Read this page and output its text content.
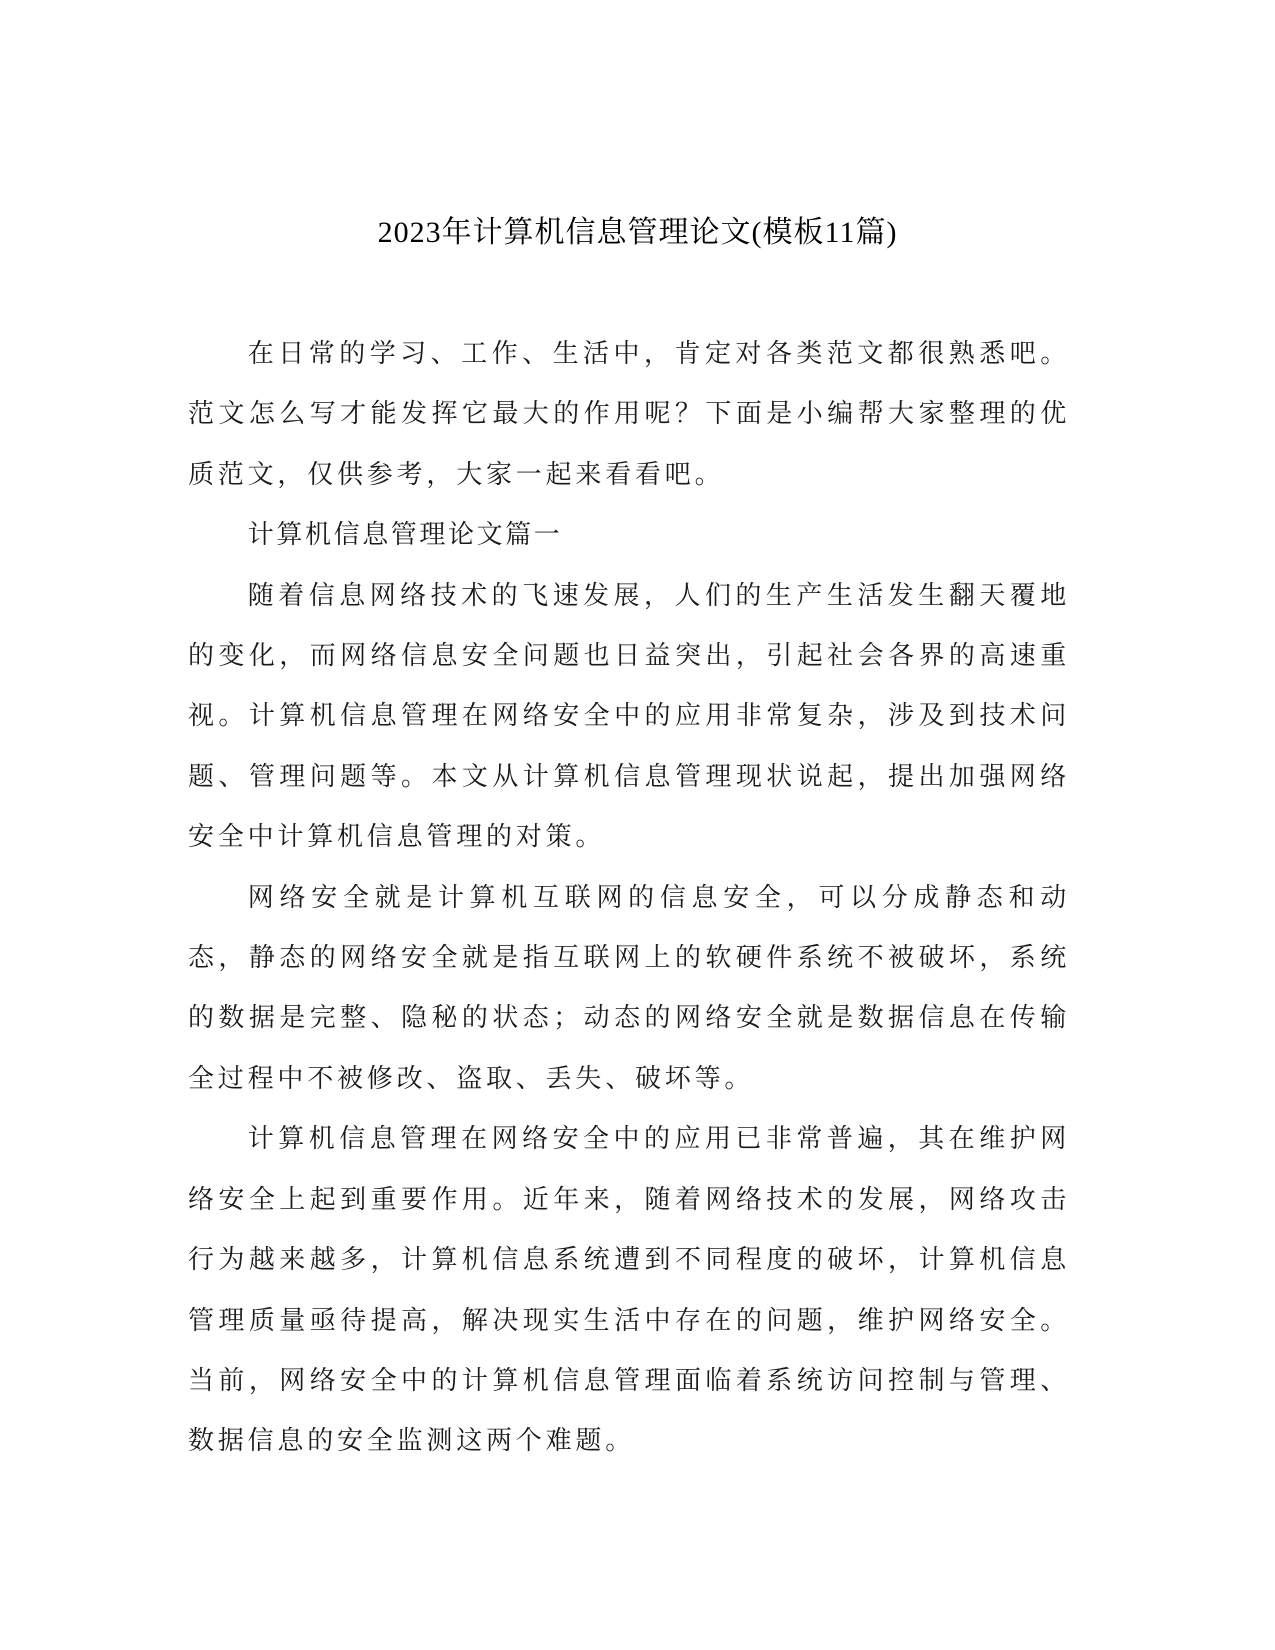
2023年计算机信息管理论文(模板11篇)

在日常的学习、工作、生活中，肯定对各类范文都很熟悉吧。范文怎么写才能发挥它最大的作用呢？下面是小编帮大家整理的优质范文，仅供参考，大家一起来看看吧。

计算机信息管理论文篇一

随着信息网络技术的飞速发展，人们的生产生活发生翻天覆地的变化，而网络信息安全问题也日益突出，引起社会各界的高速重视。计算机信息管理在网络安全中的应用非常复杂，涉及到技术问题、管理问题等。本文从计算机信息管理现状说起，提出加强网络安全中计算机信息管理的对策。

网络安全就是计算机互联网的信息安全，可以分成静态和动态，静态的网络安全就是指互联网上的软硬件系统不被破坏，系统的数据是完整、隐秘的状态；动态的网络安全就是数据信息在传输全过程中不被修改、盗取、丢失、破坏等。

计算机信息管理在网络安全中的应用已非常普遍，其在维护网络安全上起到重要作用。近年来，随着网络技术的发展，网络攻击行为越来越多，计算机信息系统遭到不同程度的破坏，计算机信息管理质量亟待提高，解决现实生活中存在的问题，维护网络安全。当前，网络安全中的计算机信息管理面临着系统访问控制与管理、数据信息的安全监测这两个难题。
